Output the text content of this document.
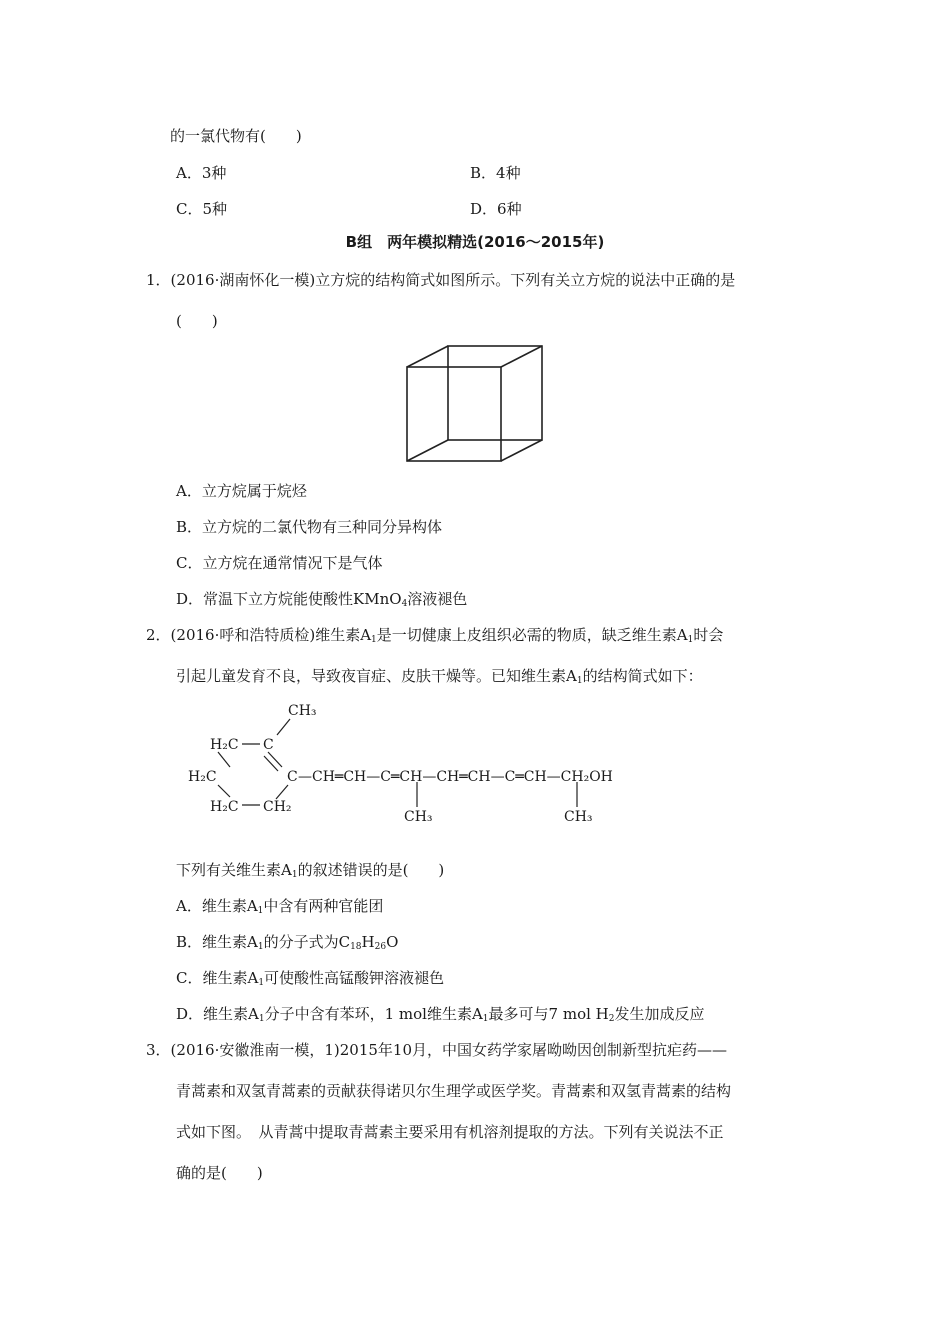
的一氯代物有(　　)
A．3种	B．4种
C．5种	D．6种
B组　两年模拟精选(2016～2015年)
1．(2016·湖南怀化一模)立方烷的结构简式如图所示。下列有关立方烷的说法中正确的是
(　　)
A．立方烷属于烷烃
B．立方烷的二氯代物有三种同分异构体
C．立方烷在通常情况下是气体
D．常温下立方烷能使酸性KMnO$_4$溶液褪色
2．(2016·呼和浩特质检)维生素$A_1$是一切健康上皮组织必需的物质，缺乏维生素$A_1$时会
引起儿童发育不良，导致夜盲症、皮肤干燥等。已知维生素$A_1$的结构简式如下：
CH₃
H₂C C
H₂C	C —CH═CH—C═CH—CH═CH—C═CH—CH₂OH
H₂C CH₂
CH₃	CH₃
下列有关维生素$A_1$的叙述错误的是(　　)
A．维生素$A_1$中含有两种官能团
B．维生素$A_1$的分子式为$C_{18}H_{26}O$
C．维生素$A_1$可使酸性高锰酸钾溶液褪色
D．维生素$A_1$分子中含有苯环，1 mol维生素$A_1$最多可与7 mol $H_2$发生加成反应
3．(2016·安徽淮南一模，1)2015年10月，中国女药学家屠呦呦因创制新型抗疟药——
青蒿素和双氢青蒿素的贡献获得诺贝尔生理学或医学奖。青蒿素和双氢青蒿素的结构
式如下图。　从青蒿中提取青蒿素主要采用有机溶剂提取的方法。下列有关说法不正
确的是(　　)
